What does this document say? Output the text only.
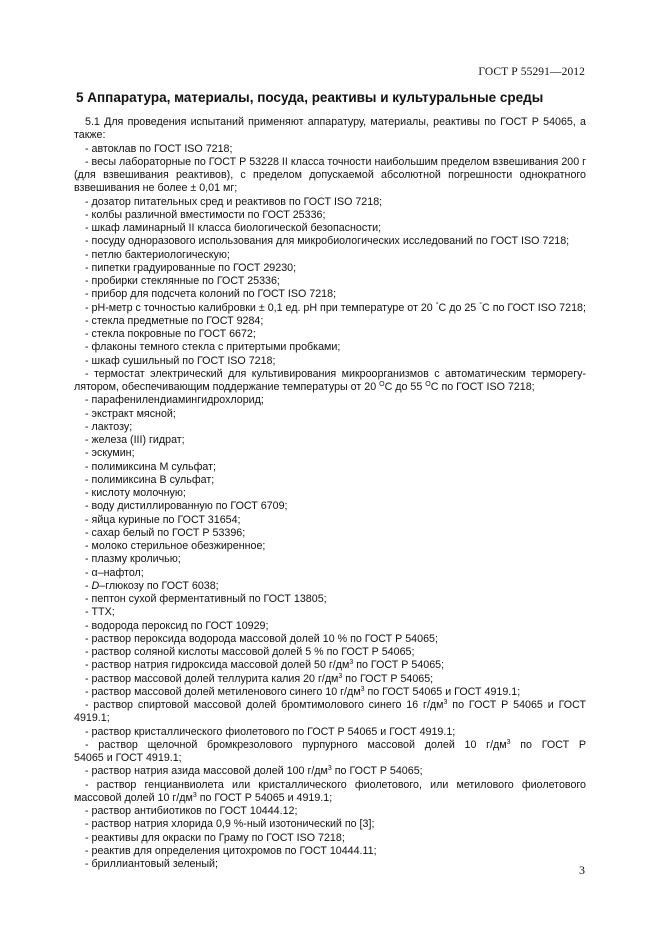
ГОСТ Р 55291—2012
5 Аппаратура, материалы, посуда, реактивы и культуральные среды

5.1 Для проведения испытаний применяют аппаратуру, материалы, реактивы по ГОСТ Р 54065, а также:

- автоклав по ГОСТ ISO 7218;

- весы лабораторные по ГОСТ Р 53228 II класса точности наибольшим пределом взвешивания 200 г (для взвешивания реактивов), с пределом допускаемой абсолютной погрешности однократного взвешивания не более ± 0,01 мг;

- дозатор питательных сред и реактивов по ГОСТ ISO 7218;

- колбы различной вместимости по ГОСТ 25336;

- шкаф ламинарный II класса биологической безопасности;

- посуду одноразового использования для микробиологических исследований по ГОСТ ISO 7218;

- петлю бактериологическую;

- пипетки градуированные по ГОСТ 29230;

- пробирки стеклянные по ГОСТ 25336;

- прибор для подсчета колоний по ГОСТ ISO 7218;

- pH-метр с точностью калибровки ± 0,1 ед. pH при температуре от 20 °С до 25 °С по ГОСТ ISO 7218;

- стекла предметные по ГОСТ 9284;

- стекла покровные по ГОСТ 6672;

- флаконы темного стекла с притертыми пробками;

- шкаф сушильный по ГОСТ ISO 7218;

- термостат электрический для культивирования микроорганизмов с автоматическим терморегу-лятором, обеспечивающим поддержание температуры от 20 $^О$С до 55 $^О$С по ГОСТ ISO 7218;

- парафенилендиамингидрохлорид;

- экстракт мясной;

- лактозу;

- железа (III) гидрат;

- эскумин;

- полимиксина М сульфат;

- полимиксина В сульфат;

- кислоту молочную;

- воду дистиллированную по ГОСТ 6709;

- яйца куриные по ГОСТ 31654;

- сахар белый по ГОСТ Р 53396;

- молоко стерильное обезжиренное;

- плазму кроличью;

- α–нафтол;

- D–глюкозу по ГОСТ 6038;

- пептон сухой ферментативный по ГОСТ 13805;

- ТТХ;

- водорода пероксид по ГОСТ 10929;

- раствор пероксида водорода массовой долей 10 % по ГОСТ Р 54065;

- раствор соляной кислоты массовой долей 5 % по ГОСТ Р 54065;

- раствор натрия гидроксида массовой долей 50 $г/дм^3$ по ГОСТ Р 54065;

- раствор массовой долей теллурита калия 20 $г/дм^3$ по ГОСТ Р 54065;

- раствор массовой долей метиленового синего 10 $г/дм^3$ по ГОСТ 54065 и ГОСТ 4919.1;

- раствор спиртовой массовой долей бромтимолового синего 16 $г/дм^3$ по ГОСТ Р 54065 и ГОСТ 4919.1;

- раствор кристаллического фиолетового по ГОСТ Р 54065 и ГОСТ 4919.1;

- раствор щелочной бромкрезолового пурпурного массовой долей 10 $г/дм^3$ по ГОСТ Р

54065 и ГОСТ 4919.1;

- раствор натрия азида массовой долей 100 $г/дм^3$ по ГОСТ Р 54065;

- раствор генцианвиолета или кристаллического фиолетового, или метилового фиолетового массовой долей 10 $г/дм^3$ по ГОСТ Р 54065 и 4919.1;

- раствор антибиотиков по ГОСТ 10444.12;

- раствор натрия хлорида 0,9 %-ный изотонический по [3];

- реактивы для окраски по Граму по ГОСТ ISO 7218;

- реактив для определения цитохромов по ГОСТ 10444.11;

- бриллиантовый зеленый;	3
